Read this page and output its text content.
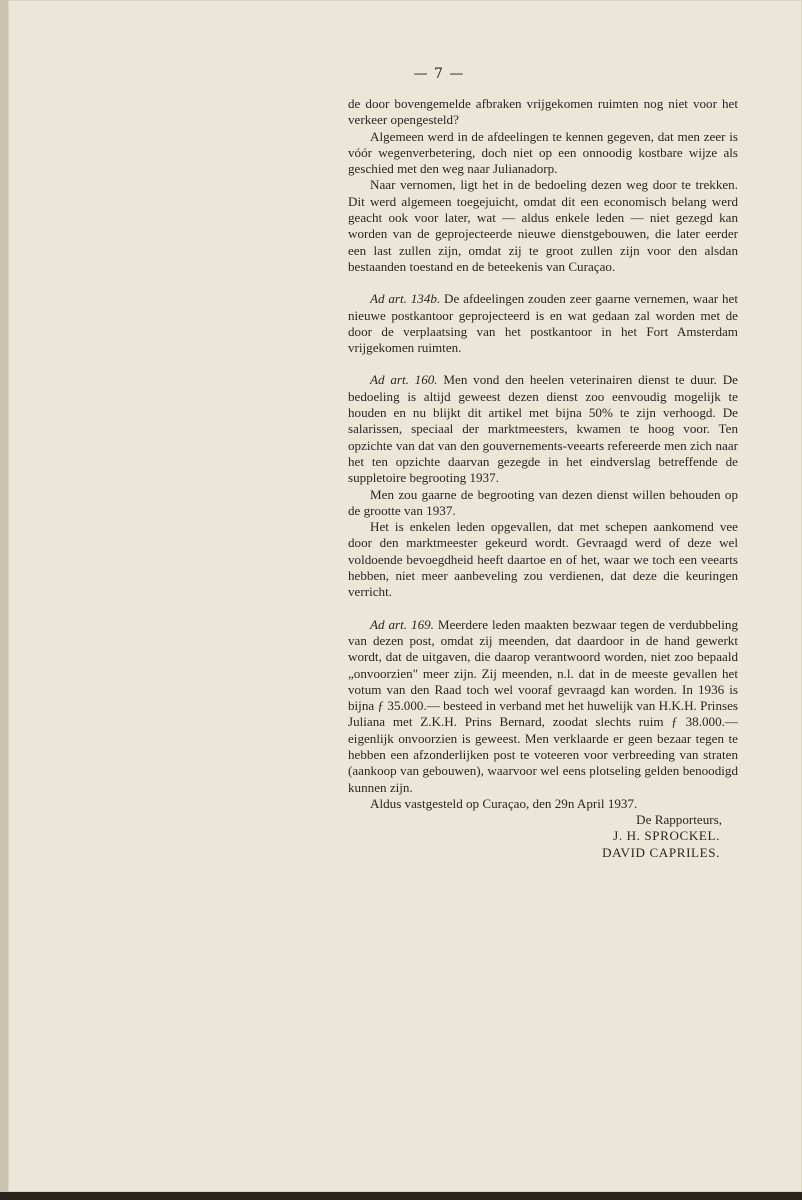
— 7 —

de door bovengemelde afbraken vrijgekomen ruimten nog niet voor het verkeer opengesteld?

Algemeen werd in de afdeelingen te kennen gegeven, dat men zeer is vóór wegenverbetering, doch niet op een onnoodig kostbare wijze als geschied met den weg naar Julianadorp.

Naar vernomen, ligt het in de bedoeling dezen weg door te trekken. Dit werd algemeen toegejuicht, omdat dit een economisch belang werd geacht ook voor later, wat — aldus enkele leden — niet gezegd kan worden van de geprojecteerde nieuwe dienstgebouwen, die later eerder een last zullen zijn, omdat zij te groot zullen zijn voor den alsdan bestaanden toestand en de beteekenis van Curaçao.

Ad art. 134b. De afdeelingen zouden zeer gaarne vernemen, waar het nieuwe postkantoor geprojecteerd is en wat gedaan zal worden met de door de verplaatsing van het postkantoor in het Fort Amsterdam vrijgekomen ruimten.

Ad art. 160. Men vond den heelen veterinairen dienst te duur. De bedoeling is altijd geweest dezen dienst zoo eenvoudig mogelijk te houden en nu blijkt dit artikel met bijna 50% te zijn verhoogd. De salarissen, speciaal der marktmeesters, kwamen te hoog voor. Ten opzichte van dat van den gouvernements-veearts refereerde men zich naar het ten opzichte daarvan gezegde in het eindverslag betreffende de suppletoire begrooting 1937.

Men zou gaarne de begrooting van dezen dienst willen behouden op de grootte van 1937.

Het is enkelen leden opgevallen, dat met schepen aankomend vee door den marktmeester gekeurd wordt. Gevraagd werd of deze wel voldoende bevoegdheid heeft daartoe en of het, waar we toch een veearts hebben, niet meer aanbeveling zou verdienen, dat deze die keuringen verricht.

Ad art. 169. Meerdere leden maakten bezwaar tegen de verdubbeling van dezen post, omdat zij meenden, dat daardoor in de hand gewerkt wordt, dat de uitgaven, die daarop verantwoord worden, niet zoo bepaald „onvoorzien" meer zijn. Zij meenden, n.l. dat in de meeste gevallen het votum van den Raad toch wel vooraf gevraagd kan worden. In 1936 is bijna ƒ 35.000.— besteed in verband met het huwelijk van H.K.H. Prinses Juliana met Z.K.H. Prins Bernard, zoodat slechts ruim ƒ 38.000.— eigenlijk onvoorzien is geweest. Men verklaarde er geen bezaar tegen te hebben een afzonderlijken post te voteeren voor verbreeding van straten (aankoop van gebouwen), waarvoor wel eens plotseling gelden benoodigd kunnen zijn.

Aldus vastgesteld op Curaçao, den 29n April 1937.

De Rapporteurs,

J. H. SPROCKEL.

DAVID CAPRILES.
